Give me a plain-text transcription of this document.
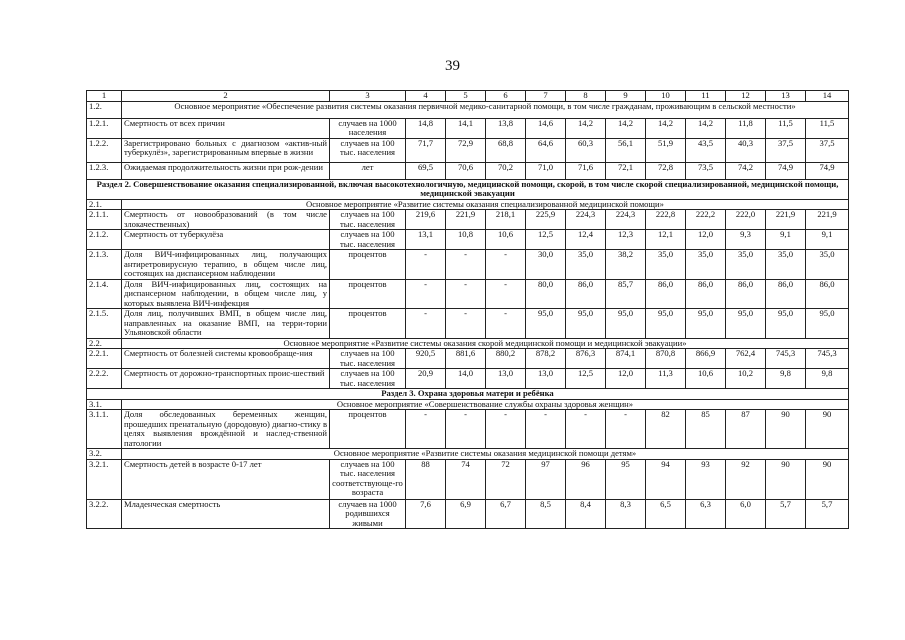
39
1	2	3	4	5	6	7	8	9	10	11	12	13	14
1.2.	Основное мероприятие «Обеспечение развития системы оказания первичной медико-санитарной помощи, в том числе гражданам, проживающим в сельской местности»												
1.2.1.	Смертность от всех причин	случаев на 1000 населения	14,8	14,1	13,8	14,6	14,2	14,2	14,2	14,2	11,8	11,5	11,5
1.2.2.	Зарегистрировано больных с диагнозом «актив-ный туберкулёз», зарегистрированным впервые в жизни	случаев на 100 тыс. населения	71,7	72,9	68,8	64,6	60,3	56,1	51,9	43,5	40,3	37,5	37,5
1.2.3.	Ожидаемая продолжительность жизни при рож-дении	лет	69,5	70,6	70,2	71,0	71,6	72,1	72,8	73,5	74,2	74,9	74,9
Раздел 2. Совершенствование оказания специализированной, включая высокотехнологичную, медицинской помощи, скорой, в том числе скорой специализированной, медицинской помощи, медицинской эвакуации													
2.1.	Основное мероприятие «Развитие системы оказания специализированной медицинской помощи»												
2.1.1.	Смертность от новообразований (в том числе злокачественных)	случаев на 100 тыс. населения	219,6	221,9	218,1	225,9	224,3	224,3	222,8	222,2	222,0	221,9	221,9
2.1.2.	Смертность от туберкулёза	случаев на 100 тыс. населения	13,1	10,8	10,6	12,5	12,4	12,3	12,1	12,0	9,3	9,1	9,1
2.1.3.	Доля ВИЧ-инфицированных лиц, получающих антиретровирусную терапию, в общем числе лиц, состоящих на диспансерном наблюдении	процентов	-	-	-	30,0	35,0	38,2	35,0	35,0	35,0	35,0	35,0
2.1.4.	Доля ВИЧ-инфицированных лиц, состоящих на диспансерном наблюдении, в общем числе лиц, у которых выявлена ВИЧ-инфекция	процентов	-	-	-	80,0	86,0	85,7	86,0	86,0	86,0	86,0	86,0
2.1.5.	Доля лиц, получивших ВМП, в общем числе лиц, направленных на оказание ВМП, на терри-тории Ульяновской области	процентов	-	-	-	95,0	95,0	95,0	95,0	95,0	95,0	95,0	95,0
2.2.	Основное мероприятие «Развитие системы оказания скорой медицинской помощи и медицинской эвакуации»												
2.2.1.	Смертность от болезней системы кровообраще-ния	случаев на 100 тыс. населения	920,5	881,6	880,2	878,2	876,3	874,1	870,8	866,9	762,4	745,3	745,3
2.2.2.	Смертность от дорожно-транспортных проис-шествий	случаев на 100 тыс. населения	20,9	14,0	13,0	13,0	12,5	12,0	11,3	10,6	10,2	9,8	9,8
Раздел 3. Охрана здоровья матери и ребёнка													
3.1.	Основное мероприятие «Совершенствование службы охраны здоровья женщин»												
3.1.1.	Доля обследованных беременных женщин, прошедших пренатальную (дородовую) диагно-стику в целях выявления врождённой и наслед-ственной патологии	процентов	-	-	-	-	-	-	82	85	87	90	90
3.2.	Основное мероприятие «Развитие системы оказания медицинской помощи детям»												
3.2.1.	Смертность детей в возрасте 0-17 лет	случаев на 100 тыс. населения соответствующе-го возраста	88	74	72	97	96	95	94	93	92	90	90
3.2.2.	Младенческая смертность	случаев на 1000 родившихся живыми	7,6	6,9	6,7	8,5	8,4	8,3	6,5	6,3	6,0	5,7	5,7
